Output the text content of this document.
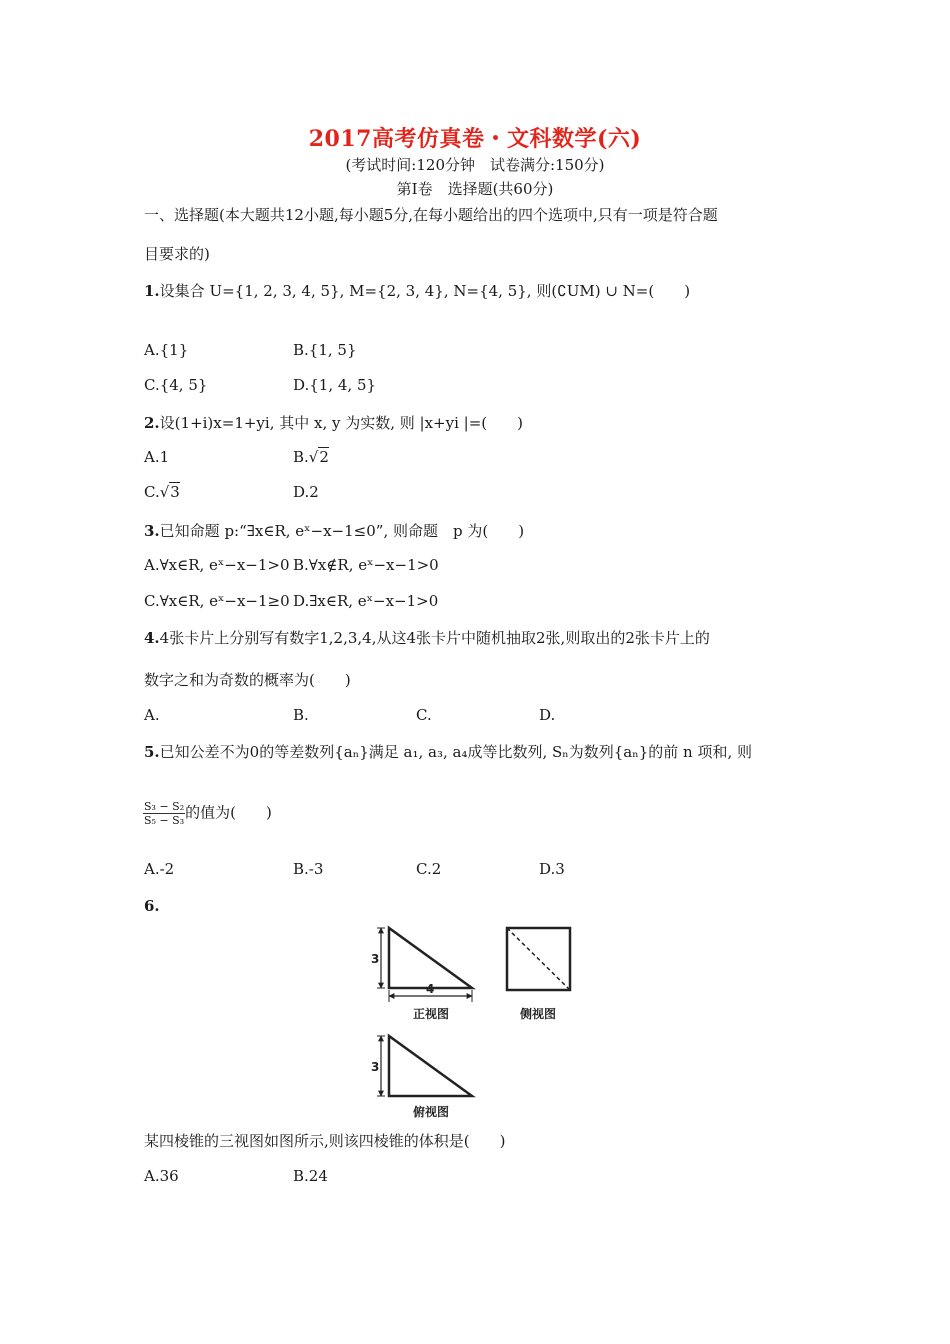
2017高考仿真卷・文科数学(六)
(考试时间:120分钟　试卷满分:150分)
第Ⅰ卷　选择题(共60分)
一、选择题(本大题共12小题,每小题5分,在每小题给出的四个选项中,只有一项是符合题
目要求的)
1.设集合 U={1, 2, 3, 4, 5}, M={2, 3, 4}, N={4, 5}, 则(∁UM) ∪ N=(　　)
A.{1}	B.{1, 5}
C.{4, 5}	D.{1, 4, 5}
2.设(1+i)x=1+yi, 其中 x, y 为实数, 则 |x+yi |=(　　)
A.1	B.√2
C.√3	D.2
3.已知命题 p:“∃x∈R, eˣ−x−1≤0”, 则命题　p 为(　　)
A.∀x∈R, eˣ−x−1>0 B.∀x∉R, eˣ−x−1>0
C.∀x∈R, eˣ−x−1≥0 D.∃x∈R, eˣ−x−1>0
4.4张卡片上分别写有数字1,2,3,4,从这4张卡片中随机抽取2张,则取出的2张卡片上的
数字之和为奇数的概率为(　　)
A.	B.	C.	D.
5.已知公差不为0的等差数列{aₙ}满足 a₁, a₃, a₄成等比数列, Sₙ为数列{aₙ}的前 n 项和, 则
$\frac{\text{S₃ − S₂}}{\text{S₅ − S₃}}$ 的值为(　　)
A.-2	B.-3	C.2	D.3
6.
3
4
正视图	侧视图
3
俯视图
某四棱锥的三视图如图所示,则该四棱锥的体积是(　　)
A.36	B.24
